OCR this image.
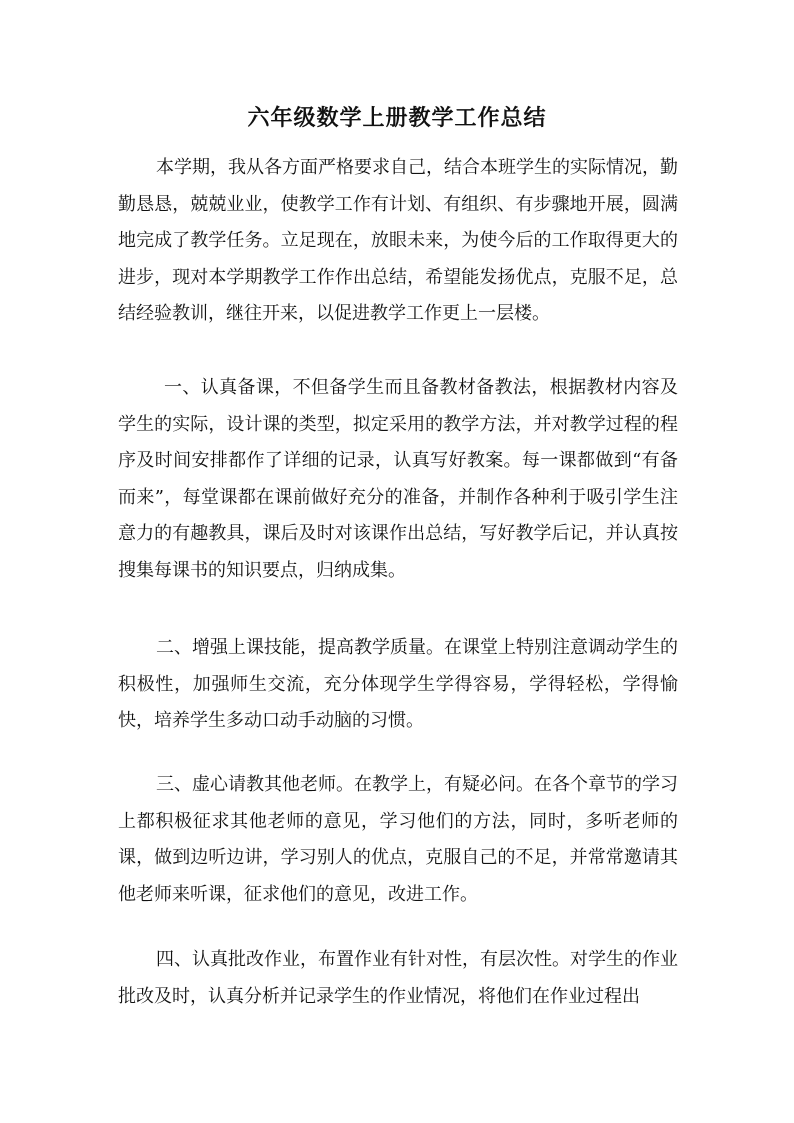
六年级数学上册教学工作总结

本学期，我从各方面严格要求自己，结合本班学生的实际情况，勤勤恳恳，兢兢业业，使教学工作有计划、有组织、有步骤地开展，圆满地完成了教学任务。立足现在，放眼未来，为使今后的工作取得更大的进步，现对本学期教学工作作出总结，希望能发扬优点，克服不足，总结经验教训，继往开来，以促进教学工作更上一层楼。

一、认真备课，不但备学生而且备教材备教法，根据教材内容及学生的实际，设计课的类型，拟定采用的教学方法，并对教学过程的程序及时间安排都作了详细的记录，认真写好教案。每一课都做到“有备而来”，每堂课都在课前做好充分的准备，并制作各种利于吸引学生注意力的有趣教具，课后及时对该课作出总结，写好教学后记，并认真按搜集每课书的知识要点，归纳成集。

二、增强上课技能，提高教学质量。在课堂上特别注意调动学生的积极性，加强师生交流，充分体现学生学得容易，学得轻松，学得愉快，培养学生多动口动手动脑的习惯。

三、虚心请教其他老师。在教学上，有疑必问。在各个章节的学习上都积极征求其他老师的意见，学习他们的方法，同时，多听老师的课，做到边听边讲，学习别人的优点，克服自己的不足，并常常邀请其他老师来听课，征求他们的意见，改进工作。

四、认真批改作业，布置作业有针对性，有层次性。对学生的作业批改及时，认真分析并记录学生的作业情况，将他们在作业过程出
